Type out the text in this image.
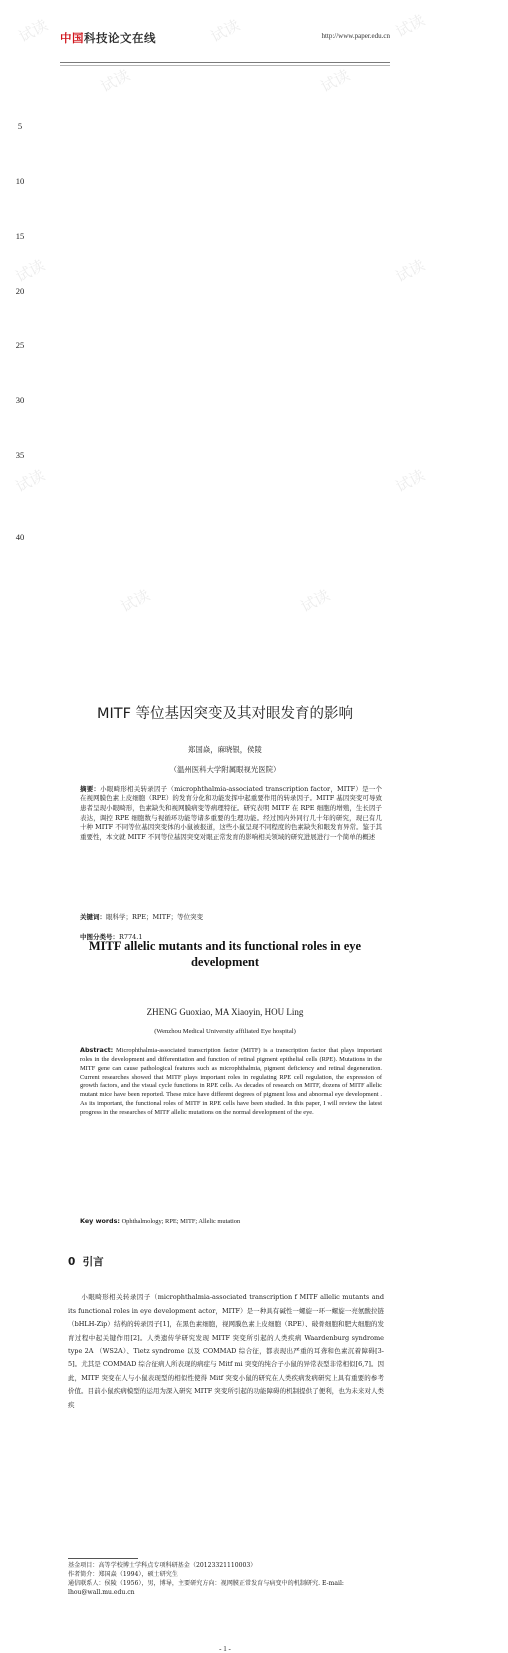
试读
试读
试读
试读
试读
试读	试读
试读	试读
试读	试读
中国科技论文在线	http://www.paper.edu.cn
5
10
15
20
25
30
35
40
MITF 等位基因突变及其对眼发育的影响
郑国焱，麻晓银，侯陵
（温州医科大学附属眼视光医院）
摘要：小眼畸形相关转录因子（microphthalmia-associated transcription factor，MITF）是一个在视网膜色素上皮细胞（RPE）的发育分化和功能发挥中起重要作用的转录因子。MITF 基因突变可导致患者呈现小眼畸形，色素缺失和视网膜病变等病理特征。研究表明 MITF 在 RPE 细胞的增殖，生长因子表达，调控 RPE 细胞数与视循环功能等诸多重要的生理功能。经过国内外同行几十年的研究，现已有几十种 MITF 不同等位基因突变体的小鼠被报道，这些小鼠呈现不同程度的色素缺失和眼发育异常。鉴于其重要性，本文就 MITF 不同等位基因突变对眼正常发育的影响相关领域的研究进展进行一个简单的概述
关键词：眼科学；RPE；MITF；等位突变
中图分类号：R774.1
MITF allelic mutants and its functional roles in eye development
ZHENG Guoxiao, MA Xiaoyin, HOU Ling
(Wenzhou Medical University affiliated Eye hospital)
Abstract: Microphthalmia-associated transcription factor (MITF) is a transcription factor that plays important roles in the development and differentiation and function of retinal pigment epithelial cells (RPE). Mutations in the MITF gene can cause pathological features such as microphthalmia, pigment deficiency and retinal degeneration. Current researches showed that MITF plays important roles in regulating RPE cell regulation, the expression of growth factors, and the visual cycle functions in RPE cells. As decades of research on MITF, dozens of MITF allelic mutant mice have been reported. These mice have different degrees of pigment loss and abnormal eye development . As its important, the functional roles of MITF in RPE cells have been studied. In this paper, I will review the latest progress in the researches of MITF allelic mutations on the normal development of the eye.
Key words: Ophthalmology; RPE; MITF; Allelic mutation
0 引言
小眼畸形相关转录因子（microphthalmia-associated transcription f MITF allelic mutants and its functional roles in eye development actor，MITF）是一种具有碱性一螺旋一环一螺旋一亮氨酸拉链（bHLH-Zip）结构的转录因子[1]，在黑色素细胞，视网膜色素上皮细胞（RPE）、破骨细胞和肥大细胞的发育过程中起关键作用[2]。人类遗传学研究发现 MITF 突变所引起的人类疾病 Waardenburg syndrome type 2A （WS2A）、Tietz syndrome 以及 COMMAD 综合征，都表现出严重的耳聋和色素沉着障碍[3-5]。尤其是 COMMAD 综合征病人所表现的病症与 Mitf mi 突变的纯合子小鼠的异常表型非常相似[6,7]。因此，MITF 突变在人与小鼠表现型的相似性使得 Mitf 突变小鼠的研究在人类疾病发病研究上具有重要的参考价值。目前小鼠疾病模型的运用为深入研究 MITF 突变所引起的功能障碍的机制提供了便利，也为未来对人类疾
基金项目：高等学校博士学科点专项科研基金（20123321110003）
作者简介：郑国焱（1994），硕士研究生
通信联系人：侯陵（1956），男，博导，主要研究方向：视网膜正常发育与病变中的机制研究. E-mail: lhou@wall.mu.edu.cn
- 1 -
